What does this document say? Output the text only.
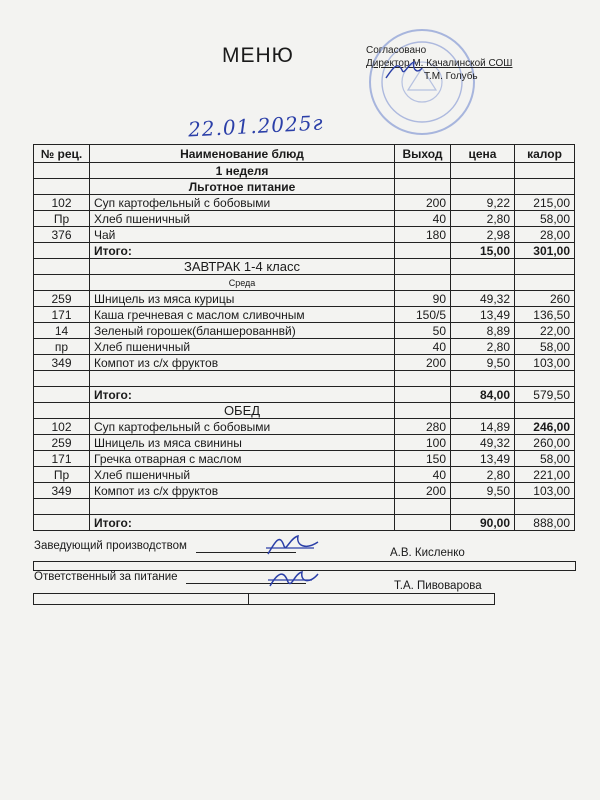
МЕНЮ	Согласовано
Директор М. Качалинской СОШ
Т.М. Голубь
22.01.2025г
№ рец.	Наименование блюд	Выход	цена	калор
	1 неделя			
	Льготное питание			
102	Суп картофельный с бобовыми	200	9,22	215,00
Пр	Хлеб пшеничный	40	2,80	58,00
376	Чай	180	2,98	28,00
	Итого:		15,00	301,00
	ЗАВТРАК 1-4 класс			
	Среда			
259	Шницель из мяса курицы	90	49,32	260
171	Каша гречневая с маслом сливочным	150/5	13,49	136,50
14	Зеленый горошек(бланшерованнвй)	50	8,89	22,00
пр	Хлеб пшеничный	40	2,80	58,00
349	Компот из с/х фруктов	200	9,50	103,00

	Итого:		84,00	579,50
	ОБЕД			
102	Суп картофельный с бобовыми	280	14,89	246,00
259	Шницель из мяса свинины	100	49,32	260,00
171	Гречка отварная с маслом	150	13,49	58,00
Пр	Хлеб пшеничный	40	2,80	221,00
349	Компот из с/х фруктов	200	9,50	103,00

	Итого:		90,00	888,00
Заведующий производством
А.В. Кисленко
Ответственный за питание
Т.А. Пивоварова
